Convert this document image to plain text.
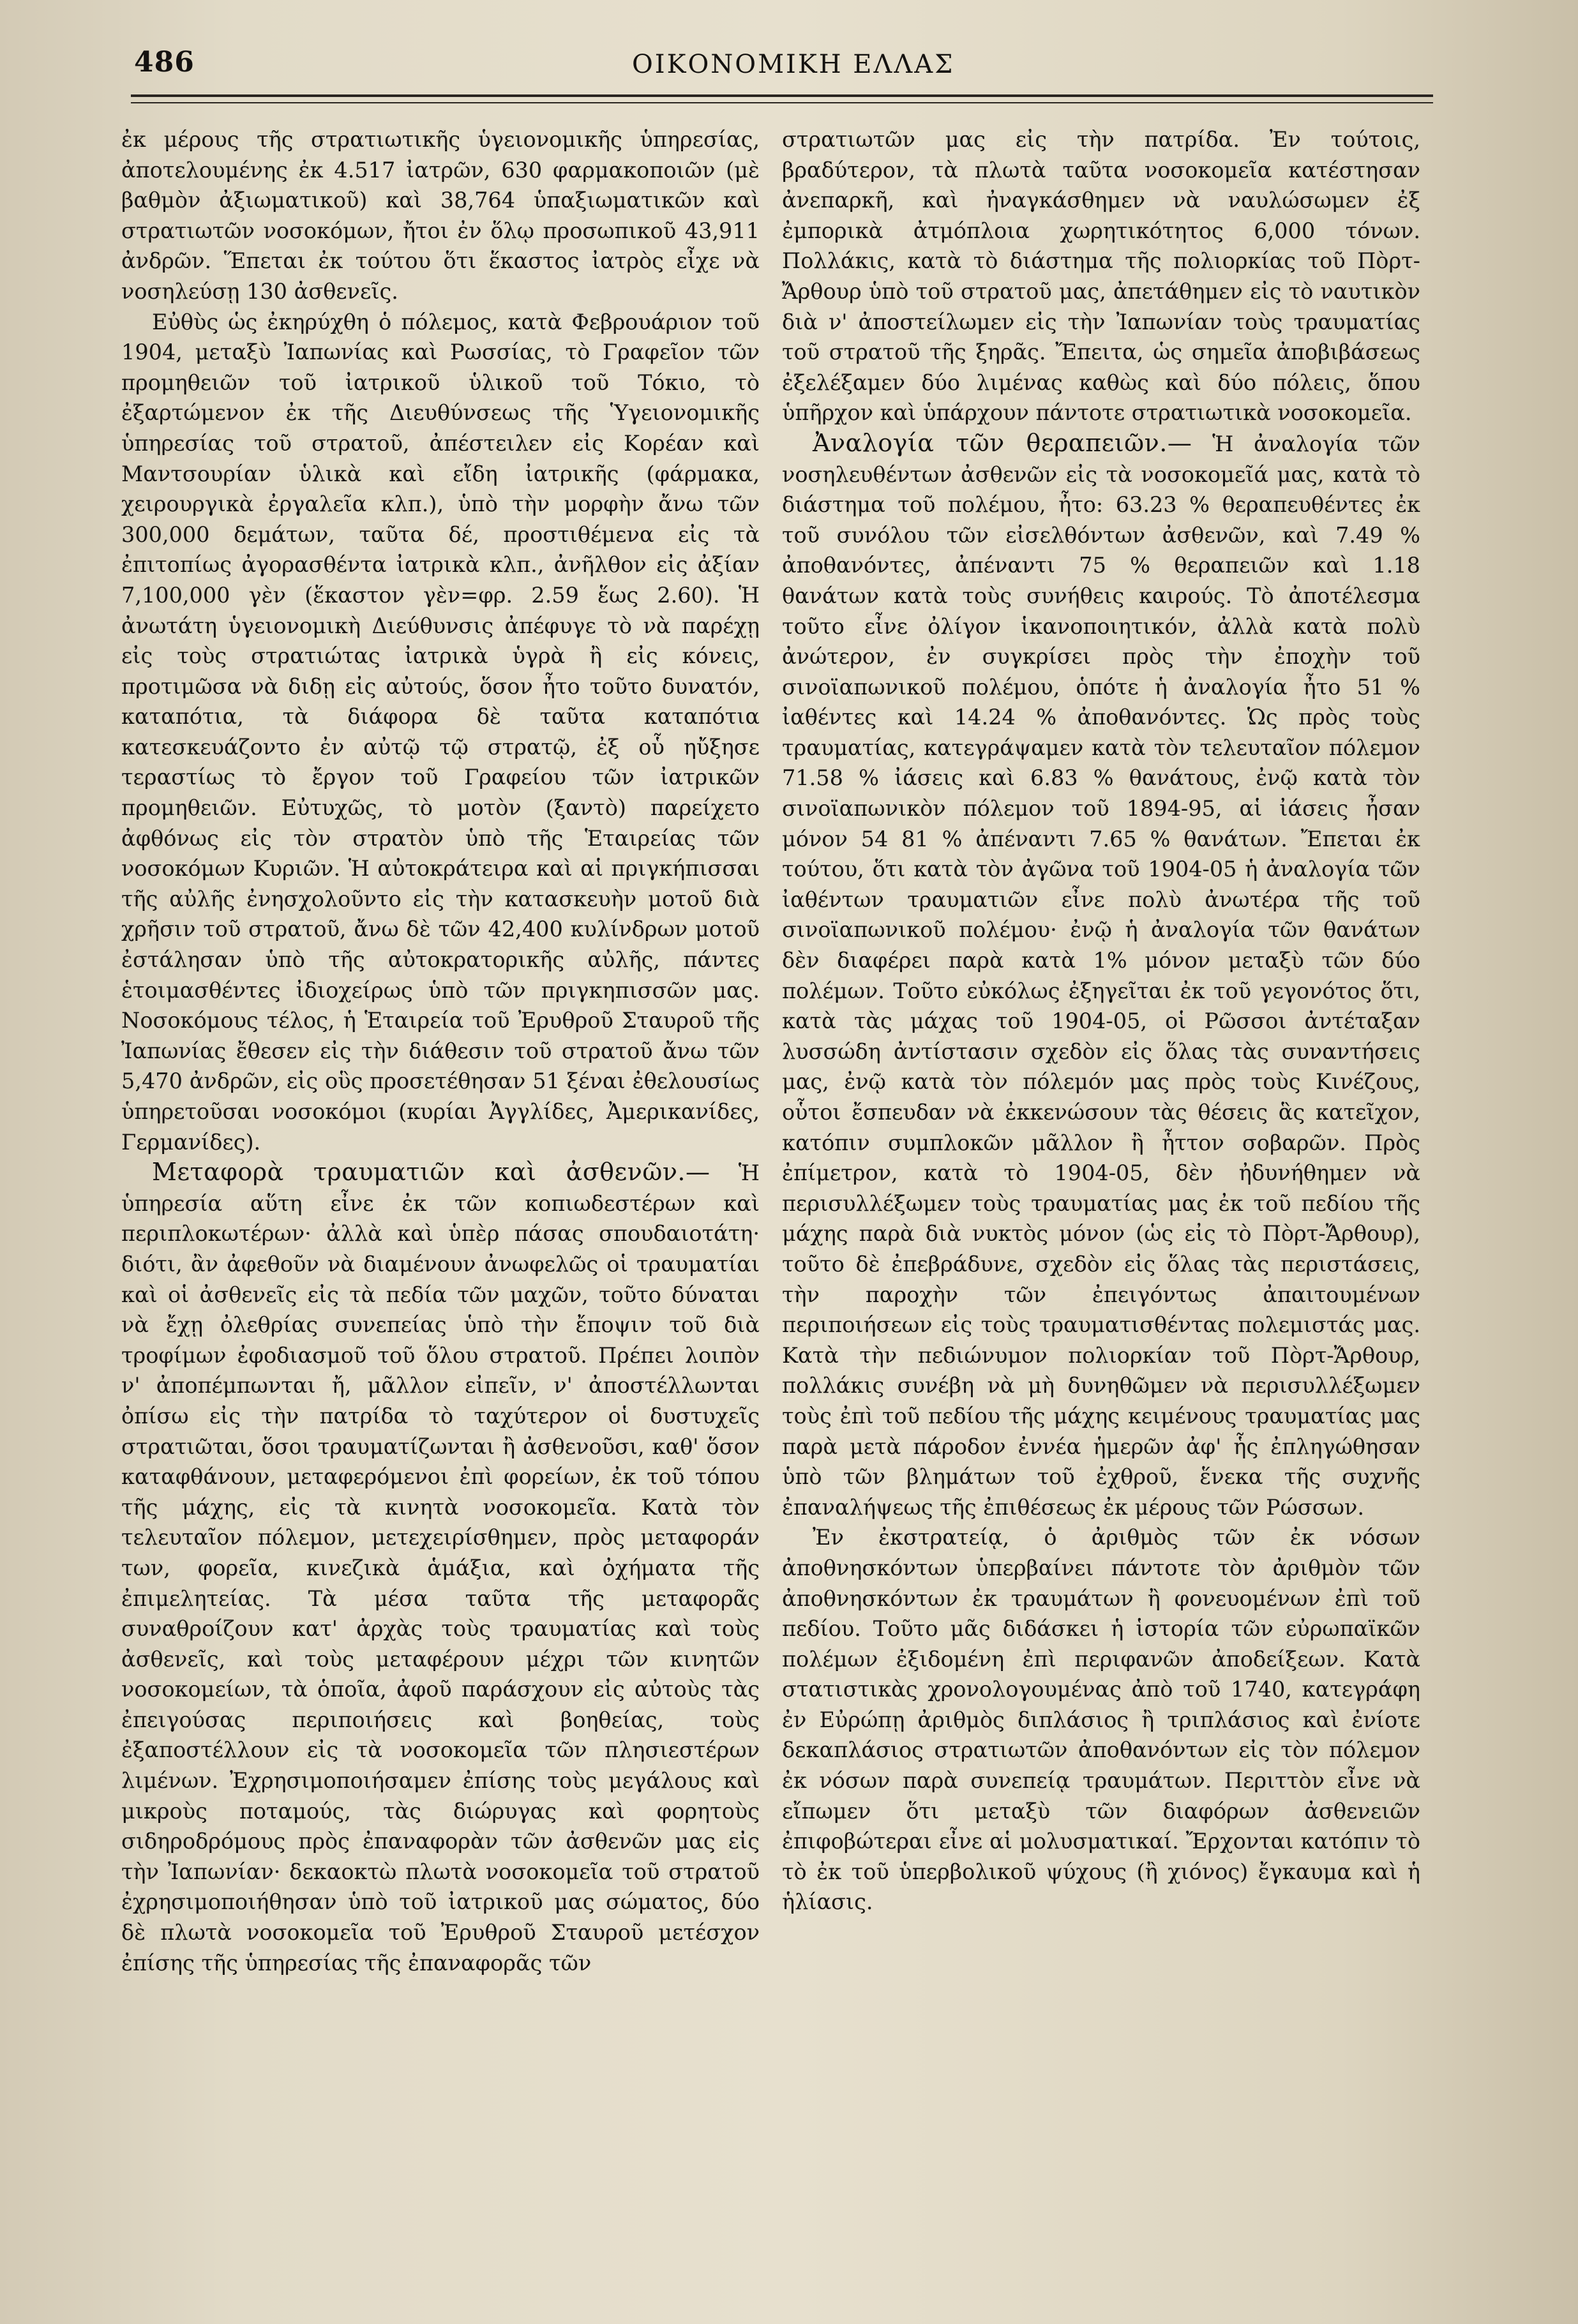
486	ΟΙΚΟΝΟΜΙΚΗ ΕΛΛΑΣ

ἐκ μέρους τῆς στρατιωτικῆς ὑγειονομικῆς ὑπηρεσίας, ἀποτελουμένης ἐκ 4.517 ἰατρῶν, 630 φαρμακοποιῶν (μὲ βαθμὸν ἀξιωματικοῦ) καὶ 38,764 ὑπαξιωματικῶν καὶ στρατιωτῶν νοσοκόμων, ἤτοι ἐν ὅλῳ προσωπικοῦ 43,911 ἀνδρῶν. Ἕπεται ἐκ τούτου ὅτι ἕκαστος ἰατρὸς εἶχε νὰ νοσηλεύσῃ 130 ἀσθενεῖς.

Εὐθὺς ὡς ἐκηρύχθη ὁ πόλεμος, κατὰ Φεβρουάριον τοῦ 1904, μεταξὺ Ἰαπωνίας καὶ Ρωσσίας, τὸ Γραφεῖον τῶν προμηθειῶν τοῦ ἰατρικοῦ ὑλικοῦ τοῦ Τόκιο, τὸ ἐξαρτώμενον ἐκ τῆς Διευθύνσεως τῆς Ὑγειονομικῆς ὑπηρεσίας τοῦ στρατοῦ, ἀπέστειλεν εἰς Κορέαν καὶ Μαντσουρίαν ὑλικὰ καὶ εἴδη ἰατρικῆς (φάρμακα, χειρουργικὰ ἐργαλεῖα κλπ.), ὑπὸ τὴν μορφὴν ἄνω τῶν 300,000 δεμάτων, ταῦτα δέ, προστιθέμενα εἰς τὰ ἐπιτοπίως ἀγορασθέντα ἰατρικὰ κλπ., ἀνῆλθον εἰς ἀξίαν 7,100,000 γὲν (ἕκαστον γὲν=φρ. 2.59 ἕως 2.60). Ἡ ἀνωτάτη ὑγειονομικὴ Διεύθυνσις ἀπέφυγε τὸ νὰ παρέχῃ εἰς τοὺς στρατιώτας ἰατρικὰ ὑγρὰ ἢ εἰς κόνεις, προτιμῶσα νὰ διδῃ εἰς αὐτούς, ὅσον ἦτο τοῦτο δυνατόν, καταπότια, τὰ διάφορα δὲ ταῦτα καταπότια κατεσκευάζοντο ἐν αὐτῷ τῷ στρατῷ, ἐξ οὗ ηὔξησε τεραστίως τὸ ἔργον τοῦ Γραφείου τῶν ἰατρικῶν προμηθειῶν. Εὐτυχῶς, τὸ μοτὸν (ξαντὸ) παρείχετο ἀφθόνως εἰς τὸν στρατὸν ὑπὸ τῆς Ἑταιρείας τῶν νοσοκόμων Κυριῶν. Ἡ αὐτοκράτειρα καὶ αἱ πριγκήπισσαι τῆς αὐλῆς ἐνησχολοῦντο εἰς τὴν κατασκευὴν μοτοῦ διὰ χρῆσιν τοῦ στρατοῦ, ἄνω δὲ τῶν 42,400 κυλίνδρων μοτοῦ ἐστάλησαν ὑπὸ τῆς αὐτοκρατορικῆς αὐλῆς, πάντες ἑτοιμασθέντες ἰδιοχείρως ὑπὸ τῶν πριγκηπισσῶν μας. Νοσοκόμους τέλος, ἡ Ἑταιρεία τοῦ Ἐρυθροῦ Σταυροῦ τῆς Ἰαπωνίας ἔθεσεν εἰς τὴν διάθεσιν τοῦ στρατοῦ ἄνω τῶν 5,470 ἀνδρῶν, εἰς οὓς προσετέθησαν 51 ξέναι ἐθελουσίως ὑπηρετοῦσαι νοσοκόμοι (κυρίαι Ἀγγλίδες, Ἀμερικανίδες, Γερμανίδες).

Μεταφορὰ τραυματιῶν καὶ ἀσθενῶν.— Ἡ ὑπηρεσία αὕτη εἶνε ἐκ τῶν κοπιωδεστέρων καὶ περιπλοκωτέρων· ἀλλὰ καὶ ὑπὲρ πάσας σπουδαιοτάτη· διότι, ἂν ἀφεθοῦν νὰ διαμένουν ἀνωφελῶς οἱ τραυματίαι καὶ οἱ ἀσθενεῖς εἰς τὰ πεδία τῶν μαχῶν, τοῦτο δύναται νὰ ἔχῃ ὀλεθρίας συνεπείας ὑπὸ τὴν ἔποψιν τοῦ διὰ τροφίμων ἐφοδιασμοῦ τοῦ ὅλου στρατοῦ. Πρέπει λοιπὸν ν' ἀποπέμπωνται ἤ, μᾶλλον εἰπεῖν, ν' ἀποστέλλωνται ὀπίσω εἰς τὴν πατρίδα τὸ ταχύτερον οἱ δυστυχεῖς στρατιῶται, ὅσοι τραυματίζωνται ἢ ἀσθενοῦσι, καθ' ὅσον καταφθάνουν, μεταφερόμενοι ἐπὶ φορείων, ἐκ τοῦ τόπου τῆς μάχης, εἰς τὰ κινητὰ νοσοκομεῖα. Κατὰ τὸν τελευταῖον πόλεμον, μετεχειρίσθημεν, πρὸς μεταφοράν των, φορεῖα, κινεζικὰ ἁμάξια, καὶ ὀχήματα τῆς ἐπιμελητείας. Τὰ μέσα ταῦτα τῆς μεταφορᾶς συναθροίζουν κατ' ἀρχὰς τοὺς τραυματίας καὶ τοὺς ἀσθενεῖς, καὶ τοὺς μεταφέρουν μέχρι τῶν κινητῶν νοσοκομείων, τὰ ὁποῖα, ἀφοῦ παράσχουν εἰς αὐτοὺς τὰς ἐπειγούσας περιποιήσεις καὶ βοηθείας, τοὺς ἐξαποστέλλουν εἰς τὰ νοσοκομεῖα τῶν πλησιεστέρων λιμένων. Ἐχρησιμοποιήσαμεν ἐπίσης τοὺς μεγάλους καὶ μικροὺς ποταμούς, τὰς διώρυγας καὶ φορητοὺς σιδηροδρόμους πρὸς ἐπαναφορὰν τῶν ἀσθενῶν μας εἰς τὴν Ἰαπωνίαν· δεκαοκτὼ πλωτὰ νοσοκομεῖα τοῦ στρατοῦ ἐχρησιμοποιήθησαν ὑπὸ τοῦ ἰατρικοῦ μας σώματος, δύο δὲ πλωτὰ νοσοκομεῖα τοῦ Ἐρυθροῦ Σταυροῦ μετέσχον ἐπίσης τῆς ὑπηρεσίας τῆς ἐπαναφορᾶς τῶν

στρατιωτῶν μας εἰς τὴν πατρίδα. Ἐν τούτοις, βραδύτερον, τὰ πλωτὰ ταῦτα νοσοκομεῖα κατέστησαν ἀνεπαρκῆ, καὶ ἠναγκάσθημεν νὰ ναυλώσωμεν ἐξ ἐμπορικὰ ἀτμόπλοια χωρητικότητος 6,000 τόνων. Πολλάκις, κατὰ τὸ διάστημα τῆς πολιορκίας τοῦ Πὸρτ-Ἄρθουρ ὑπὸ τοῦ στρατοῦ μας, ἀπετάθημεν εἰς τὸ ναυτικὸν διὰ ν' ἀποστείλωμεν εἰς τὴν Ἰαπωνίαν τοὺς τραυματίας τοῦ στρατοῦ τῆς ξηρᾶς. Ἔπειτα, ὡς σημεῖα ἀποβιβάσεως ἐξελέξαμεν δύο λιμένας καθὼς καὶ δύο πόλεις, ὅπου ὑπῆρχον καὶ ὑπάρχουν πάντοτε στρατιωτικὰ νοσοκομεῖα.

Ἀναλογία τῶν θεραπειῶν.— Ἡ ἀναλογία τῶν νοσηλευθέντων ἀσθενῶν εἰς τὰ νοσοκομεῖά μας, κατὰ τὸ διάστημα τοῦ πολέμου, ἦτο: 63.23 % θεραπευθέντες ἐκ τοῦ συνόλου τῶν εἰσελθόντων ἀσθενῶν, καὶ 7.49 % ἀποθανόντες, ἀπέναντι 75 % θεραπειῶν καὶ 1.18 θανάτων κατὰ τοὺς συνήθεις καιρούς. Τὸ ἀποτέλεσμα τοῦτο εἶνε ὀλίγον ἱκανοποιητικόν, ἀλλὰ κατὰ πολὺ ἀνώτερον, ἐν συγκρίσει πρὸς τὴν ἐποχὴν τοῦ σινοϊαπωνικοῦ πολέμου, ὁπότε ἡ ἀναλογία ἦτο 51 % ἰαθέντες καὶ 14.24 % ἀποθανόντες. Ὡς πρὸς τοὺς τραυματίας, κατεγράψαμεν κατὰ τὸν τελευταῖον πόλεμον 71.58 % ἰάσεις καὶ 6.83 % θανάτους, ἐνῷ κατὰ τὸν σινοϊαπωνικὸν πόλεμον τοῦ 1894-95, αἱ ἰάσεις ἦσαν μόνον 54 81 % ἀπέναντι 7.65 % θανάτων. Ἔπεται ἐκ τούτου, ὅτι κατὰ τὸν ἀγῶνα τοῦ 1904-05 ἡ ἀναλογία τῶν ἰαθέντων τραυματιῶν εἶνε πολὺ ἀνωτέρα τῆς τοῦ σινοϊαπωνικοῦ πολέμου· ἐνῷ ἡ ἀναλογία τῶν θανάτων δὲν διαφέρει παρὰ κατὰ 1% μόνον μεταξὺ τῶν δύο πολέμων. Τοῦτο εὐκόλως ἐξηγεῖται ἐκ τοῦ γεγονότος ὅτι, κατὰ τὰς μάχας τοῦ 1904-05, οἱ Ρῶσσοι ἀντέταξαν λυσσώδη ἀντίστασιν σχεδὸν εἰς ὅλας τὰς συναντήσεις μας, ἐνῷ κατὰ τὸν πόλεμόν μας πρὸς τοὺς Κινέζους, οὗτοι ἔσπευδαν νὰ ἐκκενώσουν τὰς θέσεις ἃς κατεῖχον, κατόπιν συμπλοκῶν μᾶλλον ἢ ἧττον σοβαρῶν. Πρὸς ἐπίμετρον, κατὰ τὸ 1904-05, δὲν ἠδυνήθημεν νὰ περισυλλέξωμεν τοὺς τραυματίας μας ἐκ τοῦ πεδίου τῆς μάχης παρὰ διὰ νυκτὸς μόνον (ὡς εἰς τὸ Πὸρτ-Ἄρθουρ), τοῦτο δὲ ἐπεβράδυνε, σχεδὸν εἰς ὅλας τὰς περιστάσεις, τὴν παροχὴν τῶν ἐπειγόντως ἀπαιτουμένων περιποιήσεων εἰς τοὺς τραυματισθέντας πολεμιστάς μας. Κατὰ τὴν πεδιώνυμον πολιορκίαν τοῦ Πὸρτ-Ἄρθουρ, πολλάκις συνέβη νὰ μὴ δυνηθῶμεν νὰ περισυλλέξωμεν τοὺς ἐπὶ τοῦ πεδίου τῆς μάχης κειμένους τραυματίας μας παρὰ μετὰ πάροδον ἐννέα ἡμερῶν ἀφ' ἧς ἐπληγώθησαν ὑπὸ τῶν βλημάτων τοῦ ἐχθροῦ, ἕνεκα τῆς συχνῆς ἐπαναλήψεως τῆς ἐπιθέσεως ἐκ μέρους τῶν Ρώσσων.

Ἐν ἐκστρατείᾳ, ὁ ἀριθμὸς τῶν ἐκ νόσων ἀποθνησκόντων ὑπερβαίνει πάντοτε τὸν ἀριθμὸν τῶν ἀποθνησκόντων ἐκ τραυμάτων ἢ φονευομένων ἐπὶ τοῦ πεδίου. Τοῦτο μᾶς διδάσκει ἡ ἱστορία τῶν εὐρωπαϊκῶν πολέμων ἐξιδομένη ἐπὶ περιφανῶν ἀποδείξεων. Κατὰ στατιστικὰς χρονολογουμένας ἀπὸ τοῦ 1740, κατεγράφη ἐν Εὐρώπῃ ἀριθμὸς διπλάσιος ἢ τριπλάσιος καὶ ἐνίοτε δεκαπλάσιος στρατιωτῶν ἀποθανόντων εἰς τὸν πόλεμον ἐκ νόσων παρὰ συνεπείᾳ τραυμάτων. Περιττὸν εἶνε νὰ εἴπωμεν ὅτι μεταξὺ τῶν διαφόρων ἀσθενειῶν ἐπιφοβώτεραι εἶνε αἱ μολυσματικαί. Ἔρχονται κατόπιν τὸ τὸ ἐκ τοῦ ὑπερβολικοῦ ψύχους (ἢ χιόνος) ἔγκαυμα καὶ ἡ ἡλίασις.
